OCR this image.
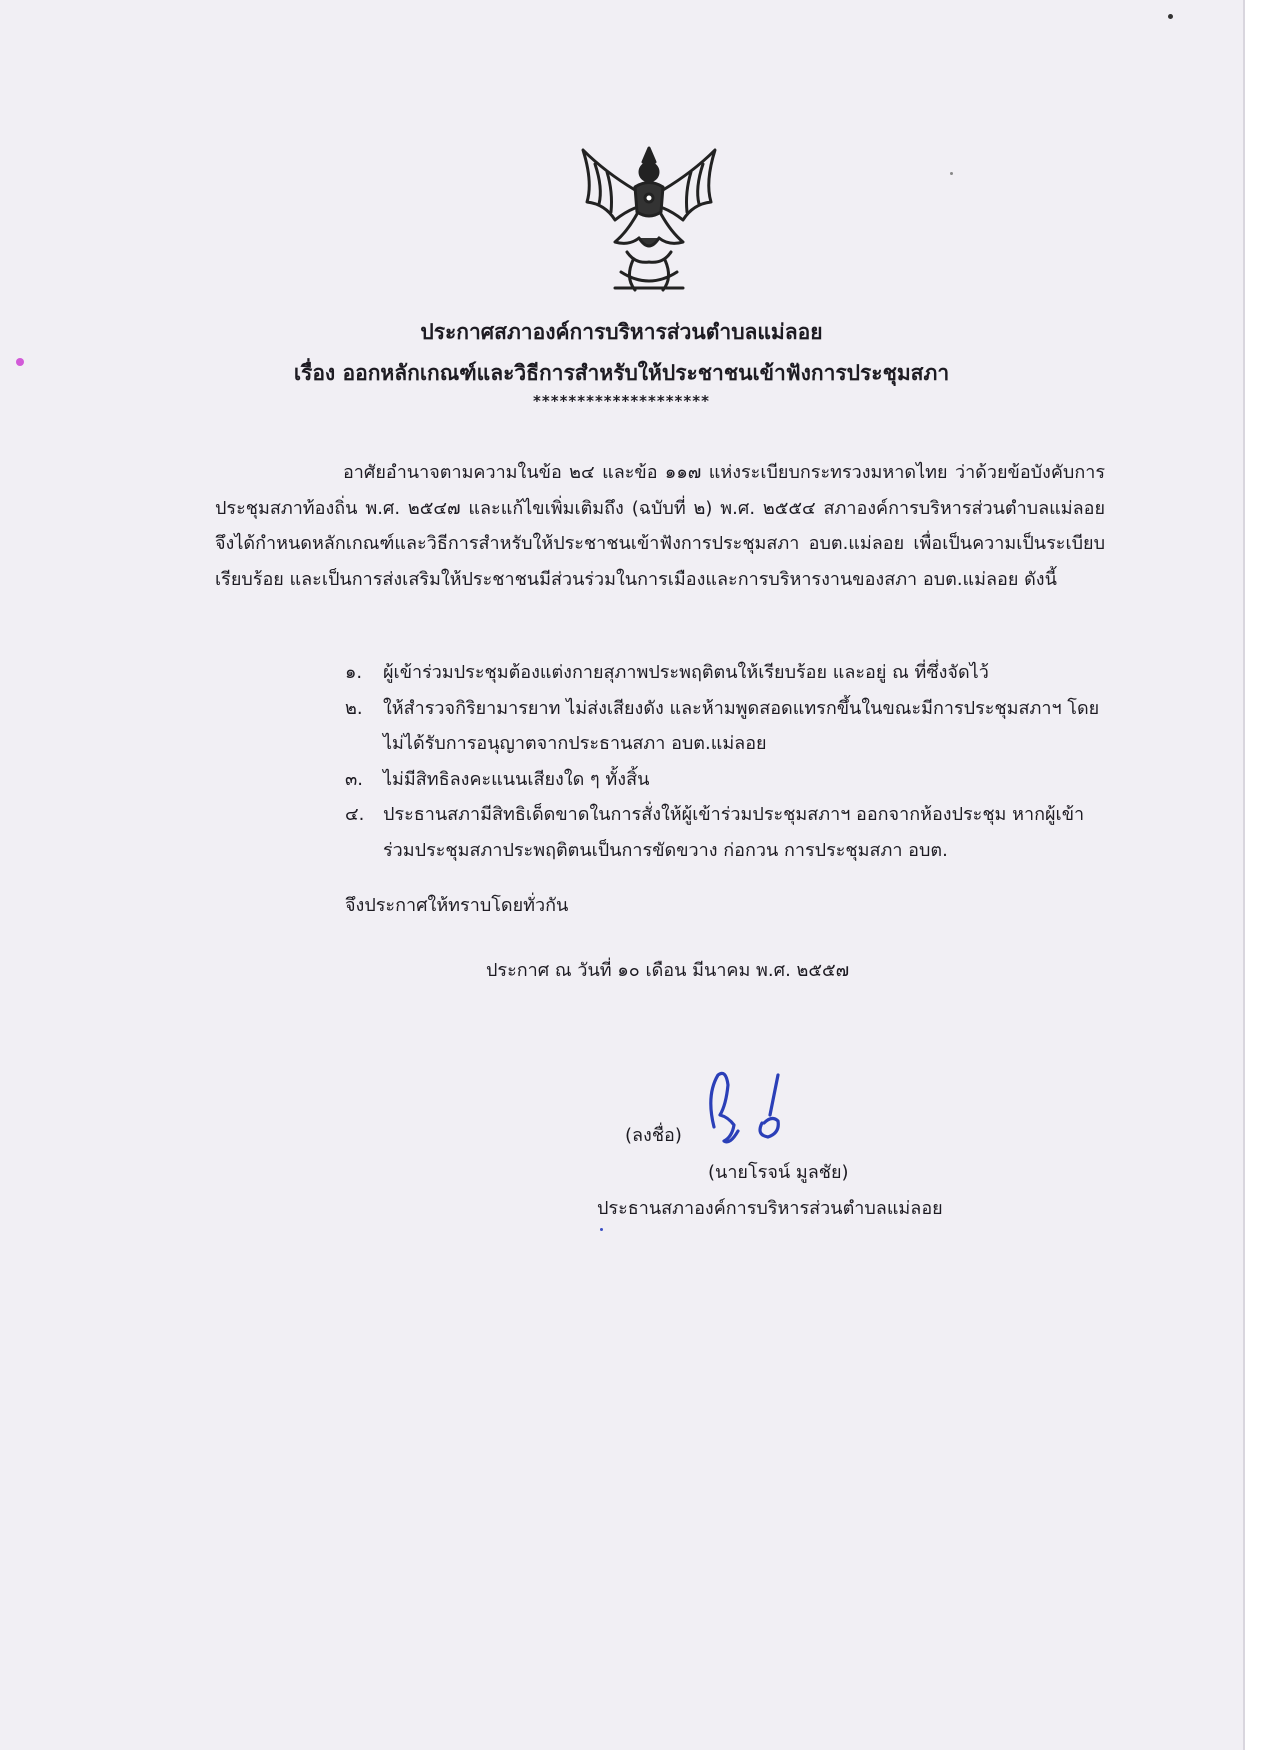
ประกาศสภาองค์การบริหารส่วนตำบลแม่ลอย
เรื่อง ออกหลักเกณฑ์และวิธีการสำหรับให้ประชาชนเข้าฟังการประชุมสภา
********************

อาศัยอำนาจตามความในข้อ ๒๔ และข้อ ๑๑๗ แห่งระเบียบกระทรวงมหาดไทย ว่าด้วยข้อบังคับการประชุมสภาท้องถิ่น พ.ศ. ๒๕๔๗ และแก้ไขเพิ่มเติมถึง (ฉบับที่ ๒) พ.ศ. ๒๕๕๔ สภาองค์การบริหารส่วนตำบลแม่ลอย จึงได้กำหนดหลักเกณฑ์และวิธีการสำหรับให้ประชาชนเข้าฟังการประชุมสภา อบต.แม่ลอย เพื่อเป็นความเป็นระเบียบเรียบร้อย และเป็นการส่งเสริมให้ประชาชนมีส่วนร่วมในการเมืองและการบริหารงานของสภา อบต.แม่ลอย ดังนี้

๑.	ผู้เข้าร่วมประชุมต้องแต่งกายสุภาพประพฤติตนให้เรียบร้อย และอยู่ ณ ที่ซึ่งจัดไว้
๒.	ให้สำรวจกิริยามารยาท ไม่ส่งเสียงดัง และห้ามพูดสอดแทรกขึ้นในขณะมีการประชุมสภาฯ โดยไม่ได้รับการอนุญาตจากประธานสภา อบต.แม่ลอย
๓.	ไม่มีสิทธิลงคะแนนเสียงใด ๆ ทั้งสิ้น
๔.	ประธานสภามีสิทธิเด็ดขาดในการสั่งให้ผู้เข้าร่วมประชุมสภาฯ ออกจากห้องประชุม หากผู้เข้าร่วมประชุมสภาประพฤติตนเป็นการขัดขวาง ก่อกวน การประชุมสภา อบต.
จึงประกาศให้ทราบโดยทั่วกัน
ประกาศ ณ วันที่ ๑๐ เดือน มีนาคม พ.ศ. ๒๕๕๗
(ลงชื่อ)
(นายโรจน์ มูลชัย)
ประธานสภาองค์การบริหารส่วนตำบลแม่ลอย
